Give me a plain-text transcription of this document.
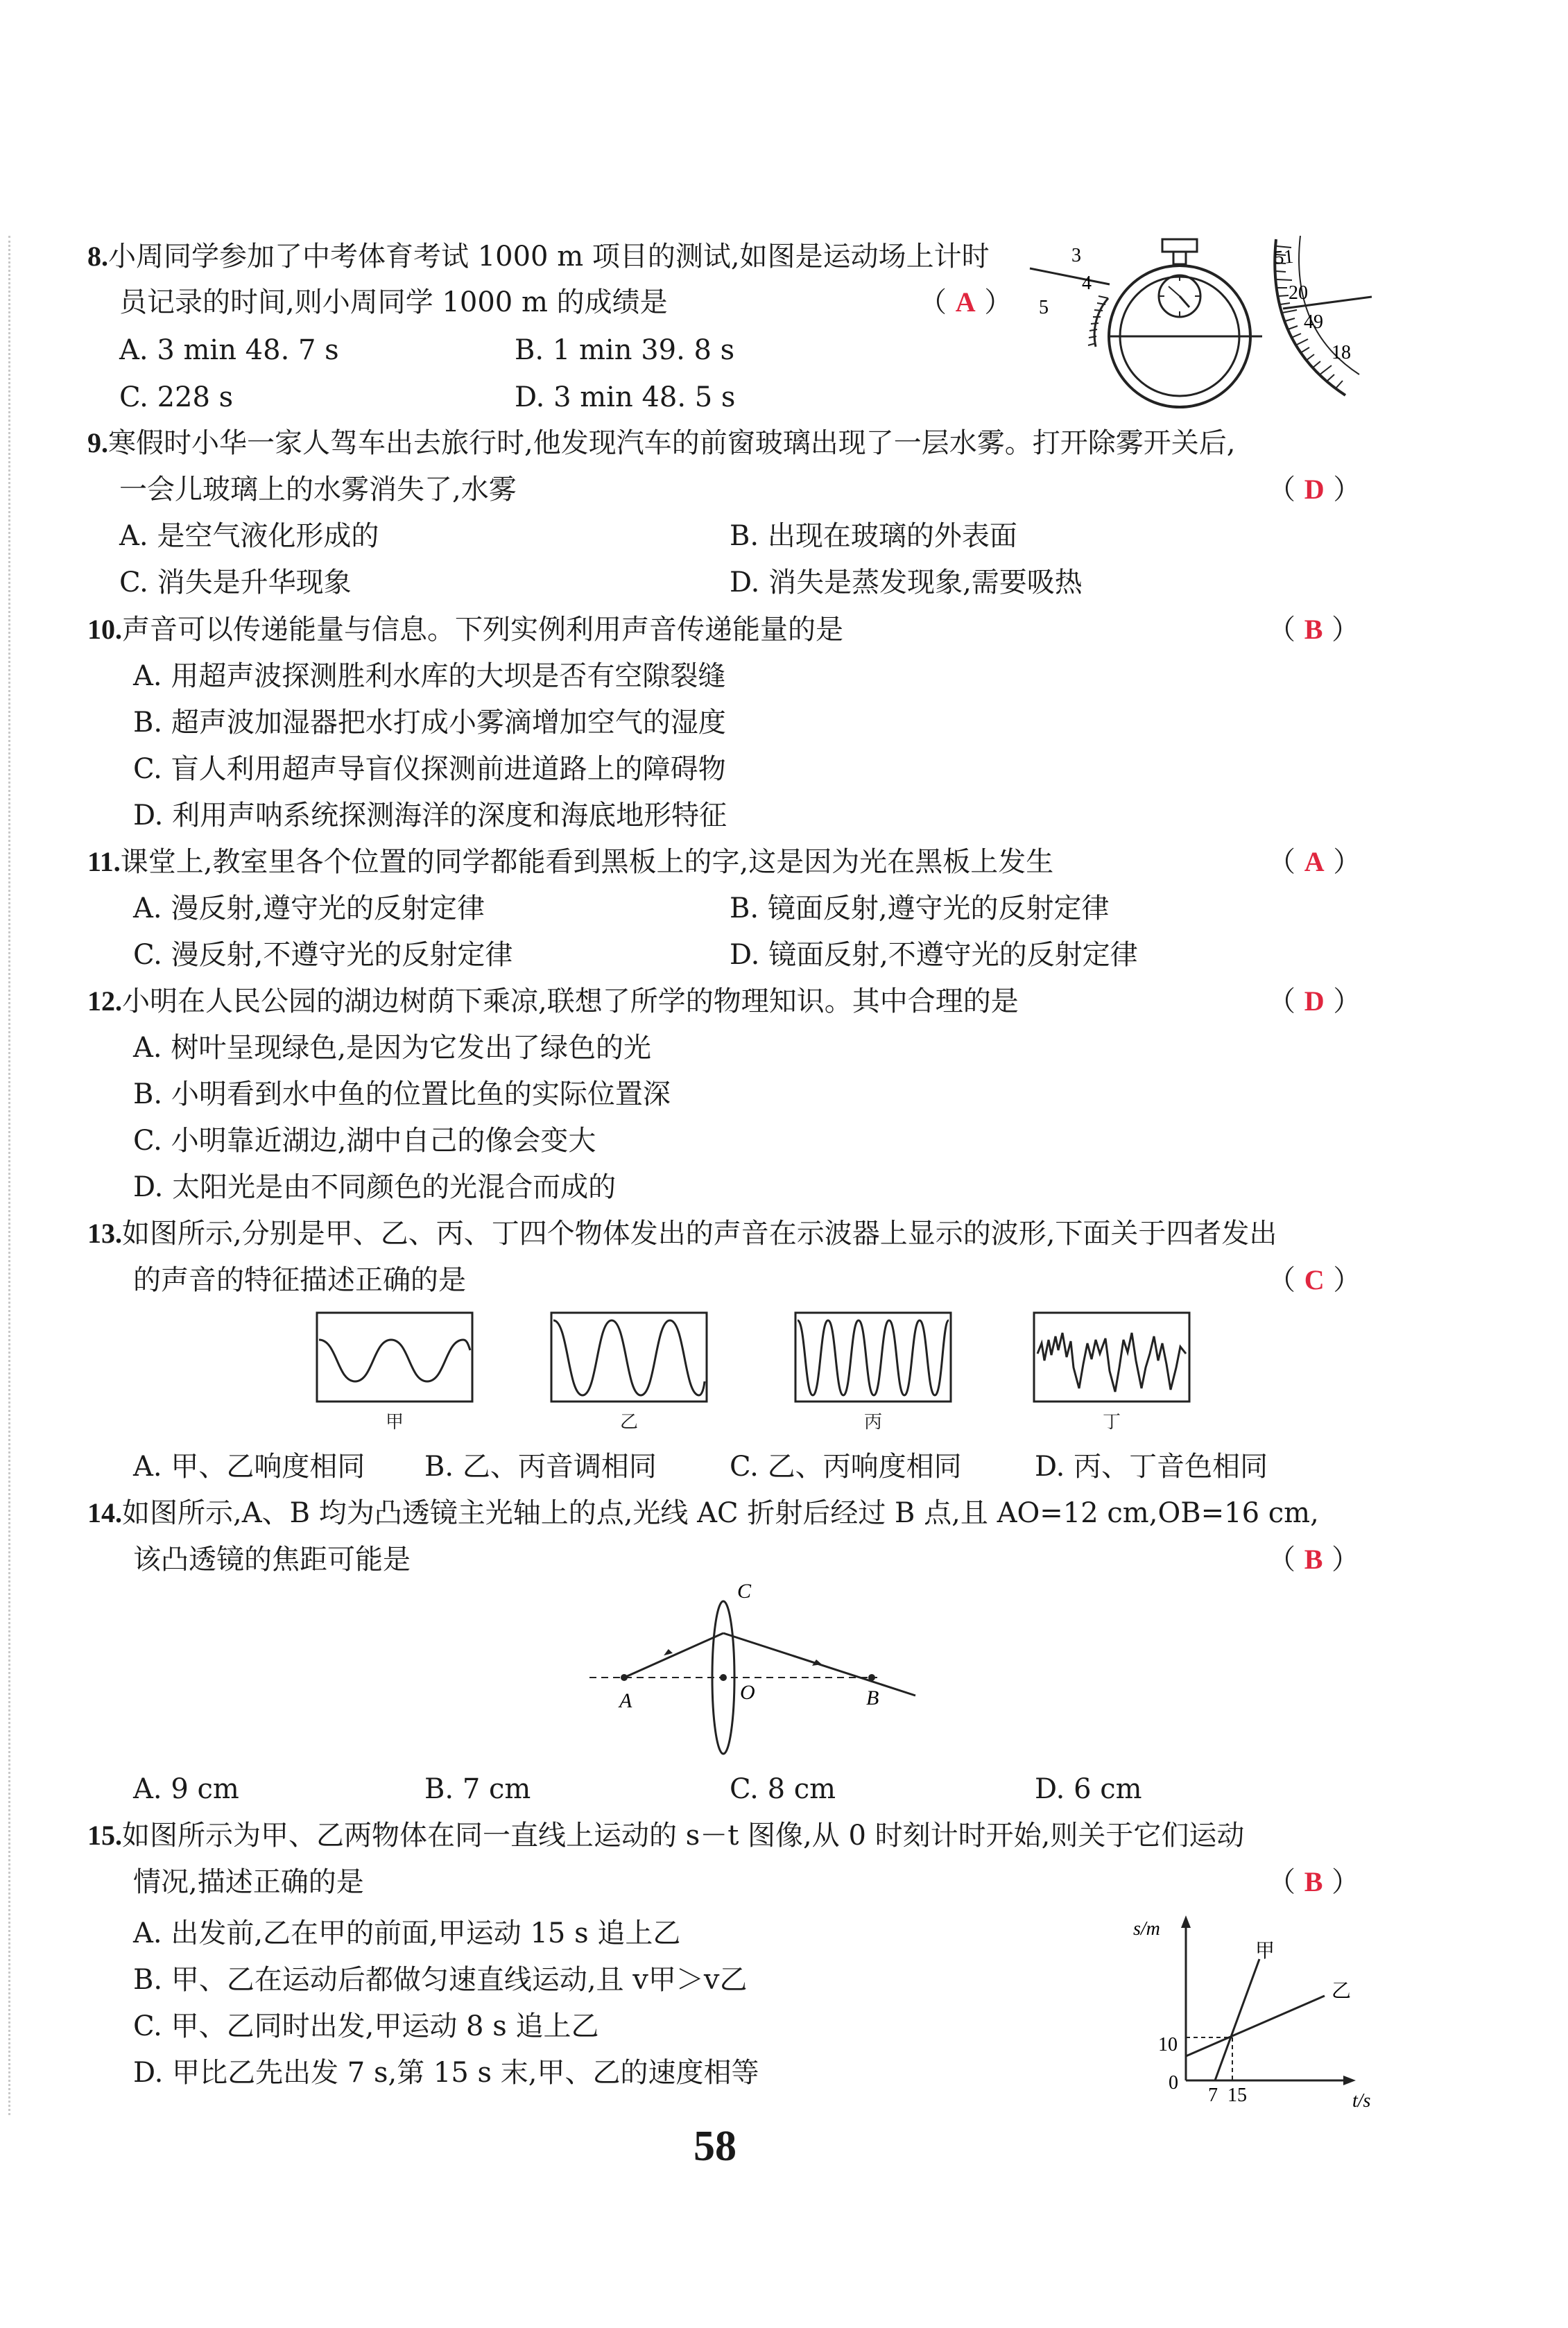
8.小周同学参加了中考体育考试 1000 m 项目的测试,如图是运动场上计时
员记录的时间,则小周同学 1000 m 的成绩是	（ A ）
A. 3 min 48. 7 s	B. 1 min 39. 8 s
C. 228 s	D. 3 min 48. 5 s
3
4
5
51
20
49
18
9.寒假时小华一家人驾车出去旅行时,他发现汽车的前窗玻璃出现了一层水雾。打开除雾开关后,
一会儿玻璃上的水雾消失了,水雾	（ D ）
A. 是空气液化形成的	B. 出现在玻璃的外表面
C. 消失是升华现象	D. 消失是蒸发现象,需要吸热
10.声音可以传递能量与信息。下列实例利用声音传递能量的是	（ B ）
A. 用超声波探测胜利水库的大坝是否有空隙裂缝
B. 超声波加湿器把水打成小雾滴增加空气的湿度
C. 盲人利用超声导盲仪探测前进道路上的障碍物
D. 利用声呐系统探测海洋的深度和海底地形特征
11.课堂上,教室里各个位置的同学都能看到黑板上的字,这是因为光在黑板上发生	（ A ）
A. 漫反射,遵守光的反射定律	B. 镜面反射,遵守光的反射定律
C. 漫反射,不遵守光的反射定律	D. 镜面反射,不遵守光的反射定律
12.小明在人民公园的湖边树荫下乘凉,联想了所学的物理知识。其中合理的是	（ D ）
A. 树叶呈现绿色,是因为它发出了绿色的光
B. 小明看到水中鱼的位置比鱼的实际位置深
C. 小明靠近湖边,湖中自己的像会变大
D. 太阳光是由不同颜色的光混合而成的
13.如图所示,分别是甲、乙、丙、丁四个物体发出的声音在示波器上显示的波形,下面关于四者发出
的声音的特征描述正确的是	（ C ）
甲	乙	丙	丁
A. 甲、乙响度相同 B. 乙、丙音调相同	C. 乙、丙响度相同	D. 丙、丁音色相同
14.如图所示,A、B 均为凸透镜主光轴上的点,光线 AC 折射后经过 B 点,且 AO=12 cm,OB=16 cm,
该凸透镜的焦距可能是	（ B ）
C
A	O	B
A. 9 cm	B. 7 cm	C. 8 cm	D. 6 cm
15.如图所示为甲、乙两物体在同一直线上运动的 s－t 图像,从 0 时刻计时开始,则关于它们运动
情况,描述正确的是	（ B ）
A. 出发前,乙在甲的前面,甲运动 15 s 追上乙
B. 甲、乙在运动后都做匀速直线运动,且 v甲＞v乙
C. 甲、乙同时出发,甲运动 8 s 追上乙
D. 甲比乙先出发 7 s,第 15 s 末,甲、乙的速度相等
s/m
t/s
0
10
7 15
甲
乙
58
